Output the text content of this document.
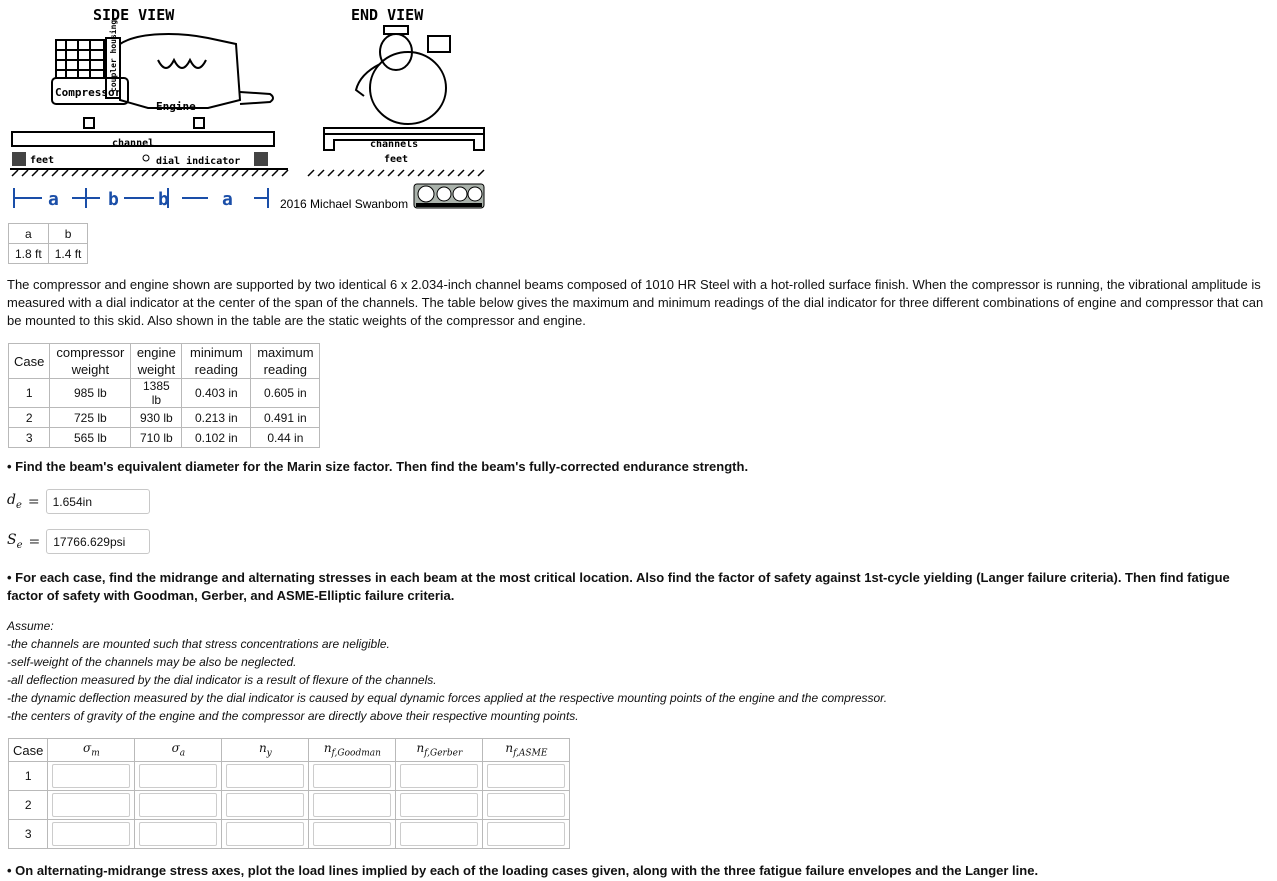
SIDE VIEW	END VIEW
Compressor
Engine
coupler housing
channel
feet	dial indicator
a	b b	a	2016 Michael Swanbom
channels
feet
a	b
1.8 ft	1.4 ft
The compressor and engine shown are supported by two identical 6 x 2.034-inch channel beams composed of 1010 HR Steel with a hot-rolled surface finish. When the compressor is running, the vibrational amplitude is measured with a dial indicator at the center of the span of the channels. The table below gives the maximum and minimum readings of the dial indicator for three different combinations of engine and compressor that can be mounted to this skid. Also shown in the table are the static weights of the compressor and engine.
Case	compressor weight	engine weight	minimum reading	maximum reading
1	985 lb	1385 lb	0.403 in	0.605 in
2	725 lb	930 lb	0.213 in	0.491 in
3	565 lb	710 lb	0.102 in	0.44 in
• Find the beam's equivalent diameter for the Marin size factor. Then find the beam's fully-corrected endurance strength.
$d_e$ =	1.654in
$S_e$ =	17766.629psi
• For each case, find the midrange and alternating stresses in each beam at the most critical location. Also find the factor of safety against 1st-cycle yielding (Langer failure criteria). Then find fatigue factor of safety with Goodman, Gerber, and ASME-Elliptic failure criteria.
Assume:
-the channels are mounted such that stress concentrations are neligible.
-self-weight of the channels may be also be neglected.
-all deflection measured by the dial indicator is a result of flexure of the channels.
-the dynamic deflection measured by the dial indicator is caused by equal dynamic forces applied at the respective mounting points of the engine and the compressor.
-the centers of gravity of the engine and the compressor are directly above their respective mounting points.
Case	$\sigma_m$	$\sigma_a$	$n_y$	$n_{f,Goodman}$	$n_{f,Gerber}$	$n_{f,ASME}$
1	

2	

3	

• On alternating-midrange stress axes, plot the load lines implied by each of the loading cases given, along with the three fatigue failure envelopes and the Langer line.
